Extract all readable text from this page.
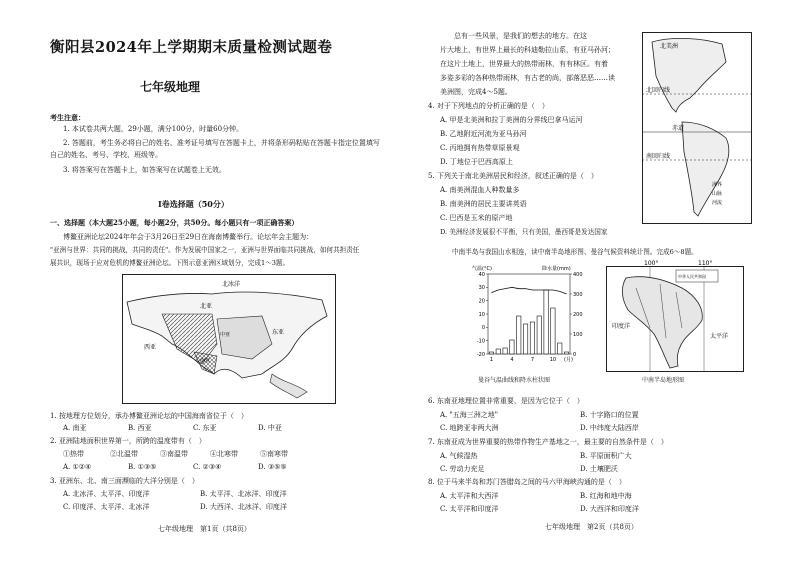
衡阳县2024年上学期期末质量检测试题卷
七年级地理
考生注意：
1. 本试卷共两大题，29小题，满分100分，时量60分钟。
2. 答题前，考生务必将自己的姓名、准考证号填写在答题卡上，并将条形码粘贴在答题卡指定位置填写
自己的姓名、考号、学校、班级等。
3. 将答案写在答题卡上，如答案写在试题卷上无效。
Ⅰ卷选择题（50分）
一、选择题（本大题25小题，每小题2分，共50分。每小题只有一项正确答案）
博鳌亚洲论坛2024年年会于3月26日至29日在海南博鳌举行。论坛年会主题为：
"亚洲与世界：共同的挑战，共同的责任"。作为发展中国家之一，亚洲与世界面临共同挑战，如何共担责任
展共识，现场于应对危机的博鳌亚洲论坛。下图示意亚洲区域划分，完成1～3题。
北冰洋
北亚
东亚
西亚
中亚
南亚
1. 按地理方位划分，承办博鳌亚洲论坛的中国海南省位于（　）
A. 南亚	B. 西亚	C. 东亚	D. 中亚
2. 亚洲陆地面积世界第一，所跨的温度带有（　）
①热带	②北温带	③南温带	④北寒带	⑤南寒带
A. ①②④	B. ①③⑤	C. ②③④	D. ③⑤⑤
3. 亚洲东、北、南三面濒临的大洋分别是（　）
A. 北冰洋、太平洋、印度洋	B. 太平洋、北冰洋、印度洋
C. 印度洋、太平洋、北冰洋	D. 大西洋、北冰洋、印度洋
七年级地理　第1页（共8页）
总有一些风景，是我们的想去的地方。在这
片大地上，有世界上最长的科迪勒拉山系，有亚马孙河；
在这片土地上，世界最大的热带雨林，有有林区。有着
多姿多彩的各种热带雨林，有古老的尚，部落恶恶……读
美洲图，完成4～5题。
北美洲
北回归线
赤道
南回归线
洲界
山脉
河流
4. 对于下列地点的分析正确的是（　）
A. 甲是北美洲和拉丁美洲的分界线巴拿马运河
B. 乙地附近河流为亚马孙河
C. 丙地拥有热带草原景观
D. 丁地位于巴西高原上
5. 下列关于南北美洲居民和经济，叙述正确的是（　）
A. 南美洲混血人种数量多
B. 南美洲的居民主要讲英语
C. 巴西是玉米的原产地
D. 美洲经济发展很不平衡，只有美国，墨西哥是发达国家
中南半岛与我国山水相连，读中南半岛地形图、曼谷气候资料统计图。完成6～8题。
气温(°C)	降水量(mm)
40
30
20
10
0
-10
-20
400
300
200
100
0
1	4	7	10 (月)
曼谷气温曲线和降水柱状图
100°	110°
中华人民共和国
印度洋
太平洋
中南半岛地形图
6. 东南亚地理位置非常重要，是因为它位于（　）
A. "五海三洲之地"	B. 十字路口的位置
C. 地跨亚非两大洲	D. 中纬度大陆西岸
7. 东南亚成为世界重要的热带作物生产基地之一，最主要的自然条件是（　）
A. 气候湿热	B. 平原面积广大
C. 劳动力充足	D. 土壤肥沃
8. 位于马来半岛和苏门答腊岛之间的马六甲海峡沟通的是（　）
A. 太平洋和大西洋	B. 红海和地中海
C. 太平洋和印度洋	D. 大西洋和印度洋
七年级地理　第2页（共8页）
